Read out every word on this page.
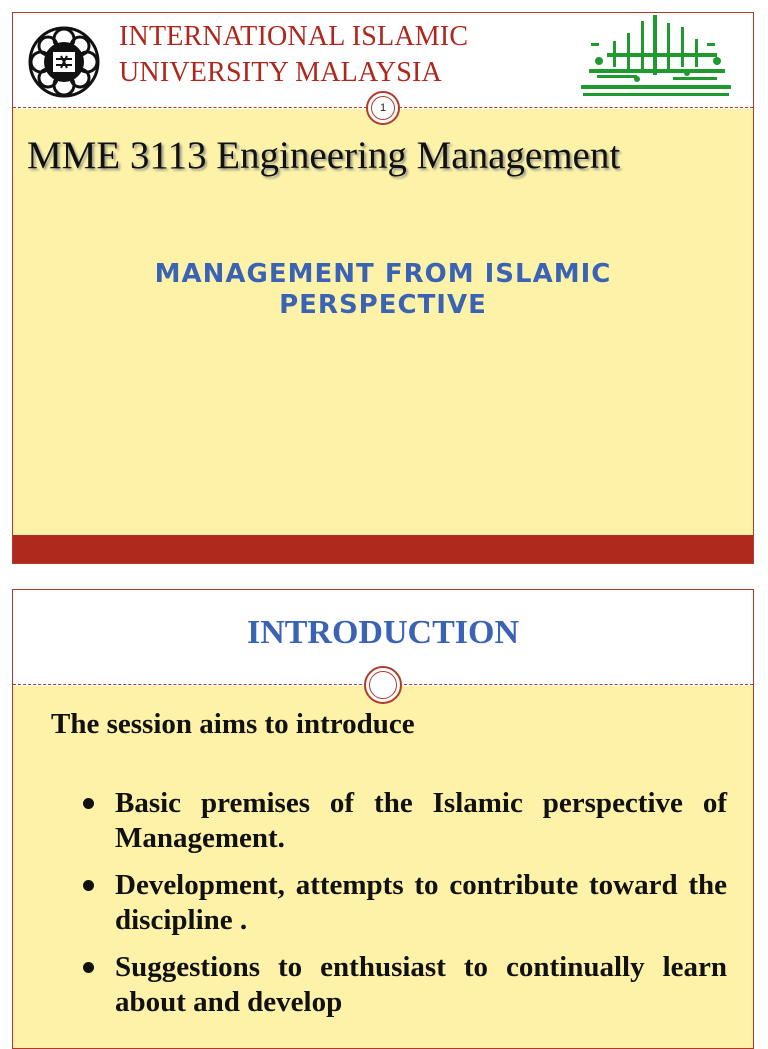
INTERNATIONAL ISLAMIC
UNIVERSITY MALAYSIA
1
MME 3113 Engineering Management
MANAGEMENT FROM ISLAMIC
PERSPECTIVE
INTRODUCTION
The session aims to introduce
Basic premises of the Islamic perspective of Management.
Development, attempts to contribute toward the discipline .
Suggestions to enthusiast to continually learn about and develop
